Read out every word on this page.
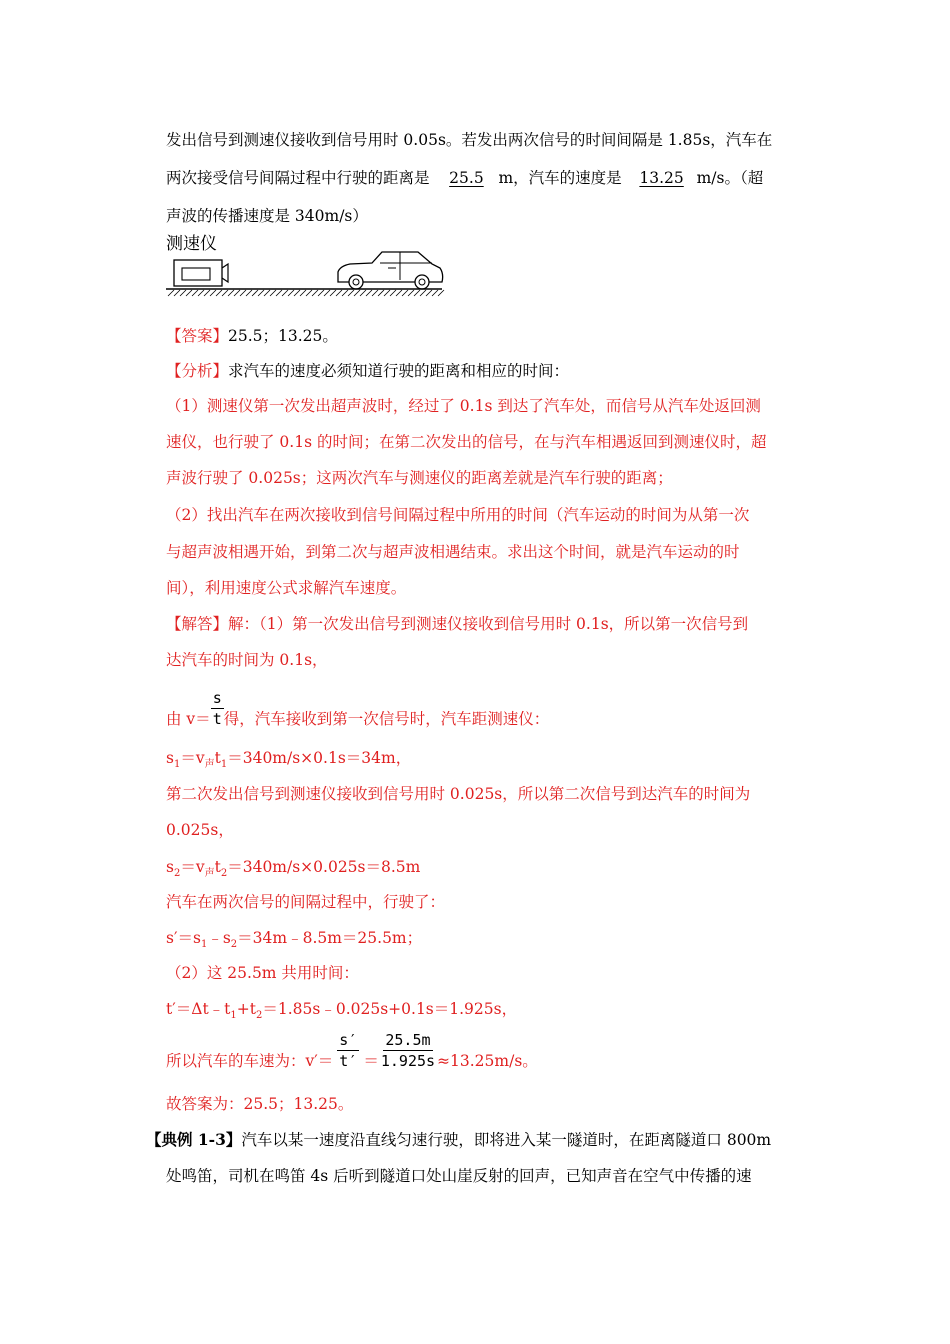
发出信号到测速仪接收到信号用时 0.05s。若发出两次信号的时间间隔是 1.85s，汽车在
两次接受信号间隔过程中行驶的距离是 25.5 m，汽车的速度是 13.25 m/s。（超
声波的传播速度是 340m/s）
测速仪
【答案】25.5；13.25。
【分析】求汽车的速度必须知道行驶的距离和相应的时间：
（1）测速仪第一次发出超声波时，经过了 0.1s 到达了汽车处，而信号从汽车处返回测
速仪，也行驶了 0.1s 的时间；在第二次发出的信号，在与汽车相遇返回到测速仪时，超
声波行驶了 0.025s；这两次汽车与测速仪的距离差就是汽车行驶的距离；
（2）找出汽车在两次接收到信号间隔过程中所用的时间（汽车运动的时间为从第一次
与超声波相遇开始，到第二次与超声波相遇结束。求出这个时间，就是汽车运动的时
间），利用速度公式求解汽车速度。
【解答】解：（1）第一次发出信号到测速仪接收到信号用时 0.1s，所以第一次信号到
达汽车的时间为 0.1s，
由 $v= \frac{s}{t}$ 得，汽车接收到第一次信号时，汽车距测速仪：
$s_1=v_声t_1=340m/s\times 0.1s=34m$，
第二次发出信号到测速仪接收到信号用时 0.025s，所以第二次信号到达汽车的时间为
0.025s，
$s_2=v_声t_2=340m/s\times 0.025s=8.5m$
汽车在两次信号的间隔过程中，行驶了：
$s'=s_1﹣s_2=34m﹣8.5m=25.5m$；
（2）这 25.5m 共用时间：
$t'=\Delta t﹣t_1+t_2=1.85s﹣0.025s+0.1s=1.925s$，
所以汽车的车速为：$v'= \frac{s'}{t'} = \frac{25.5m}{1.925s} \approx 13.25m/s$。
故答案为：25.5；13.25。
【典例 1-3】汽车以某一速度沿直线匀速行驶，即将进入某一隧道时，在距离隧道口 800m
处鸣笛，司机在鸣笛 4s 后听到隧道口处山崖反射的回声，已知声音在空气中传播的速
